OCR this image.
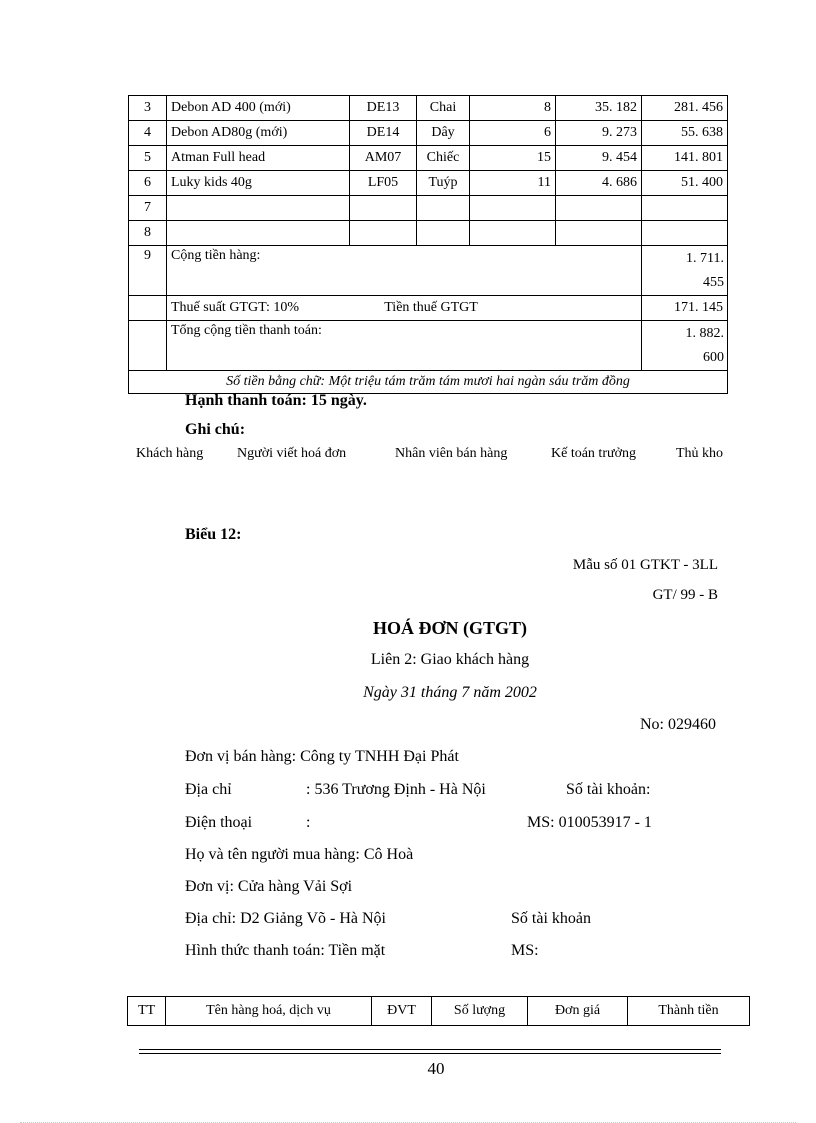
3	Debon AD 400 (mới)	DE13	Chai	8	35. 182	281. 456
4	Debon AD80g (mới)	DE14	Dây	6	9. 273	55. 638
5	Atman Full head	AM07	Chiếc	15	9. 454	141. 801
6	Luky kids 40g	LF05	Tuýp	11	4. 686	51. 400
7						
8						
9	Cộng tiền hàng:					1. 711.
455

	Thuế suất GTGT: 10% Tiền thuế GTGT					171. 145
	Tổng cộng tiền thanh toán:					1. 882.
600

Số tiền bằng chữ: Một triệu tám trăm tám mươi hai ngàn sáu trăm đồng						
Hạnh thanh toán: 15 ngày.
Ghi chú:
Khách hàng Người viết hoá đơn	Nhân viên bán hàng	Kế toán trưởng	Thủ kho
Biểu 12:
Mẫu số 01 GTKT - 3LL
GT/ 99 - B
HOÁ ĐƠN (GTGT)
Liên 2: Giao khách hàng
Ngày 31 tháng 7 năm 2002
No: 029460
Đơn vị bán hàng: Công ty TNHH Đại Phát
Địa chỉ	: 536 Trương Định - Hà Nội	Số tài khoản:
Điện thoại	:	MS: 010053917 - 1
Họ và tên người mua hàng: Cô Hoà
Đơn vị: Cửa hàng Vải Sợi
Địa chỉ: D2 Giảng Võ - Hà Nội	Số tài khoản
Hình thức thanh toán: Tiền mặt	MS:
TT	Tên hàng hoá, dịch vụ	ĐVT	Số lượng	Đơn giá	Thành tiền
40
